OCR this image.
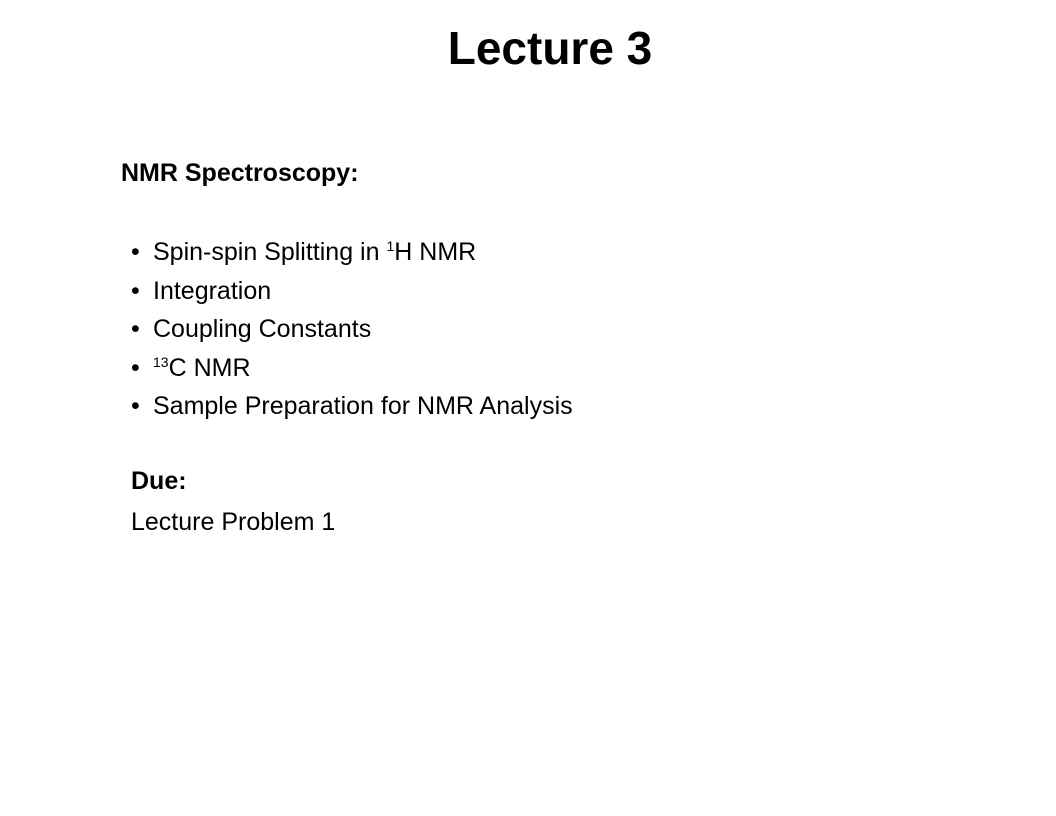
Lecture 3
NMR Spectroscopy:
• Spin-spin Splitting in $^1$H NMR
• Integration
• Coupling Constants
• $^{13}$C NMR
• Sample Preparation for NMR Analysis
Due:
Lecture Problem 1
